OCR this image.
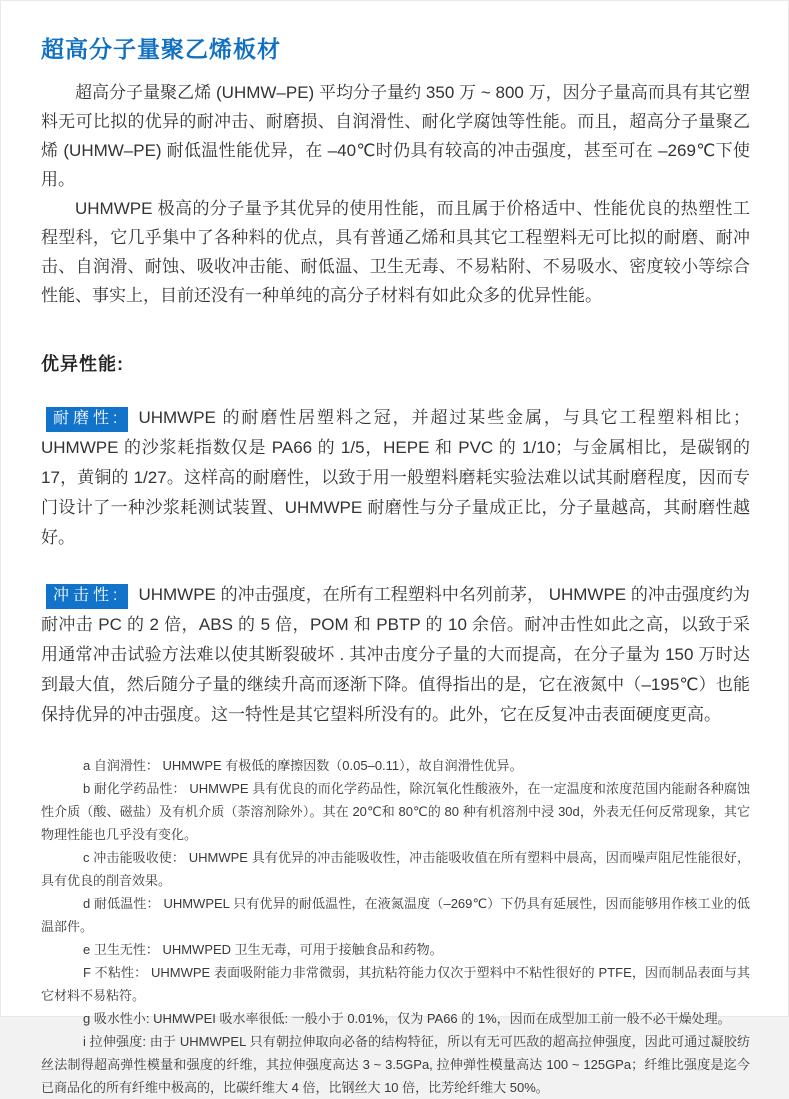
超高分子量聚乙烯板材

超高分子量聚乙烯 (UHMW–PE) 平均分子量约 350 万 ~ 800 万，因分子量高而具有其它塑料无可比拟的优异的耐冲击、耐磨损、自润滑性、耐化学腐蚀等性能。而且，超高分子量聚乙烯 (UHMW–PE) 耐低温性能优异，在 –40℃时仍具有较高的冲击强度，甚至可在 –269℃下使用。

UHMWPE 极高的分子量予其优异的使用性能，而且属于价格适中、性能优良的热塑性工程型科，它几乎集中了各种料的优点，具有普通乙烯和具其它工程塑料无可比拟的耐磨、耐冲击、自润滑、耐蚀、吸收冲击能、耐低温、卫生无毒、不易粘附、不易吸水、密度较小等综合性能、事实上，目前还没有一种单纯的高分子材料有如此众多的优异性能。

优异性能:

耐磨性: UHMWPE 的耐磨性居塑料之冠，并超过某些金属，与具它工程塑料相比；UHMWPE 的沙浆耗指数仅是 PA66 的 1/5，HEPE 和 PVC 的 1/10；与金属相比，是碳钢的 17，黄铜的 1/27。这样高的耐磨性，以致于用一般塑料磨耗实验法难以试其耐磨程度，因而专门设计了一种沙浆耗测试装置、UHMWPE 耐磨性与分子量成正比，分子量越高，其耐磨性越好。

冲击性: UHMWPE 的冲击强度，在所有工程塑料中名列前茅， UHMWPE 的冲击强度约为耐冲击 PC 的 2 倍，ABS 的 5 倍，POM 和 PBTP 的 10 余倍。耐冲击性如此之高，以致于采用通常冲击试验方法难以使其断裂破坏 . 其冲击度分子量的大而提高，在分子量为 150 万时达到最大值，然后随分子量的继续升高而逐渐下降。值得指出的是，它在液氮中（–195℃）也能保持优异的冲击强度。这一特性是其它望料所没有的。此外，它在反复冲击表面硬度更高。

a 自润滑性： UHMWPE 有极低的摩擦因数（0.05–0.11），故自润滑性优异。

b 耐化学药品性： UHMWPE 具有优良的而化学药品性，除沉氧化性酸液外，在一定温度和浓度范国内能耐各种腐蚀性介质（酸、磁盐）及有机介质（荼溶剂除外）。其在 20℃和 80℃的 80 种有机溶剂中浸 30d，外表无任何反常现象，其它物理性能也几乎没有变化。

c 冲击能吸收使： UHMWPE 具有优异的冲击能吸收性，冲击能吸收值在所有塑料中晨高，因而噪声阻尼性能很好，具有优良的削音效果。

d 耐低温性： UHMWPEL 只有优异的耐低温性，在液氮温度（–269℃）下仍具有延展性，因而能够用作核工业的低温部件。

e 卫生无性： UHMWPED 卫生无毒，可用于接触食品和药物。

F 不粘性： UHMWPE 表面吸附能力非常微弱，其抗粘符能力仅次于塑料中不粘性很好的 PTFE，因而制品表面与其它材料不易粘符。

g 吸水性小: UHMWPEI 吸水率很低: 一般小于 0.01%，仅为 PA66 的 1%，因而在成型加工前一般不必干燥处理。

i 拉伸强度: 由于 UHMWPEL 只有朝拉伸取向必备的结构特征，所以有无可匹敌的超高拉伸强度，因此可通过凝胶纺丝法制得超高弹性模量和强度的纤维，其拉伸强度高达 3 ~ 3.5GPa, 拉伸弹性模量高达 100 ~ 125GPa；纤维比强度是迄今已商品化的所有纤维中极高的，比碳纤维大 4 倍，比钢丝大 10 倍，比芳纶纤维大 50%。
